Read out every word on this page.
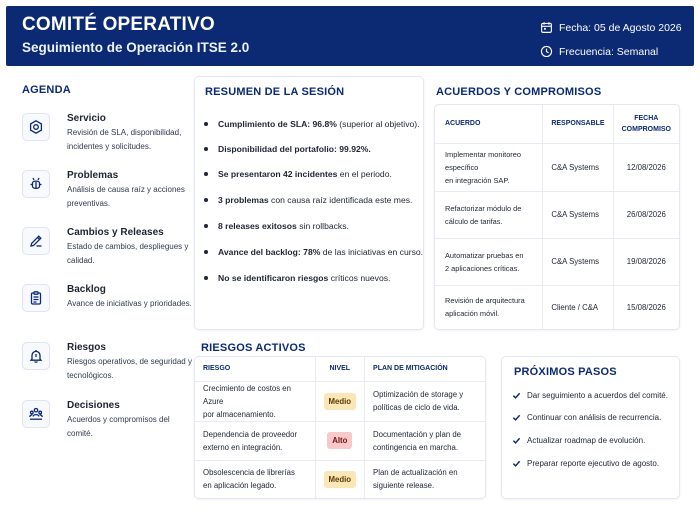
COMITÉ OPERATIVO
Seguimiento de Operación ITSE 2.0
Fecha: 05 de Agosto 2026
Frecuencia: Semanal
AGENDA
Servicio
Revisión de SLA, disponibilidad, incidentes y solicitudes.
Problemas
Análisis de causa raíz y acciones preventivas.
Cambios y Releases
Estado de cambios, despliegues y calidad.
Backlog
Avance de iniciativas y prioridades.
Riesgos
Riesgos operativos, de seguridad y tecnológicos.
Decisiones
Acuerdos y compromisos del comité.
RESUMEN DE LA SESIÓN
Cumplimiento de SLA: 96.8% (superior al objetivo).
Disponibilidad del portafolio: 99.92%.
Se presentaron 42 incidentes en el periodo.
3 problemas con causa raíz identificada este mes.
8 releases exitosos sin rollbacks.
Avance del backlog: 78% de las iniciativas en curso.
No se identificaron riesgos críticos nuevos.
ACUERDOS Y COMPROMISOS
ACUERDO	RESPONSABLE	FECHA
COMPROMISO
Implementar monitoreo específico
en integración SAP.	C&A Systems	12/08/2026
Refactorizar módulo de
cálculo de tarifas.	C&A Systems	26/08/2026
Automatizar pruebas en
2 aplicaciones críticas.	C&A Systems	19/08/2026
Revisión de arquitectura
aplicación móvil.	Cliente / C&A	15/08/2026
RIESGOS ACTIVOS
RIESGO	NIVEL	PLAN DE MITIGACIÓN
Crecimiento de costos en Azure
por almacenamiento.	Medio	Optimización de storage y
políticas de ciclo de vida.
Dependencia de proveedor
externo en integración.	Alto	Documentación y plan de
contingencia en marcha.
Obsolescencia de librerías
en aplicación legado.	Medio	Plan de actualización en
siguiente release.
PRÓXIMOS PASOS
Dar seguimiento a acuerdos del comité.
Continuar con análisis de recurrencia.
Actualizar roadmap de evolución.
Preparar reporte ejecutivo de agosto.
